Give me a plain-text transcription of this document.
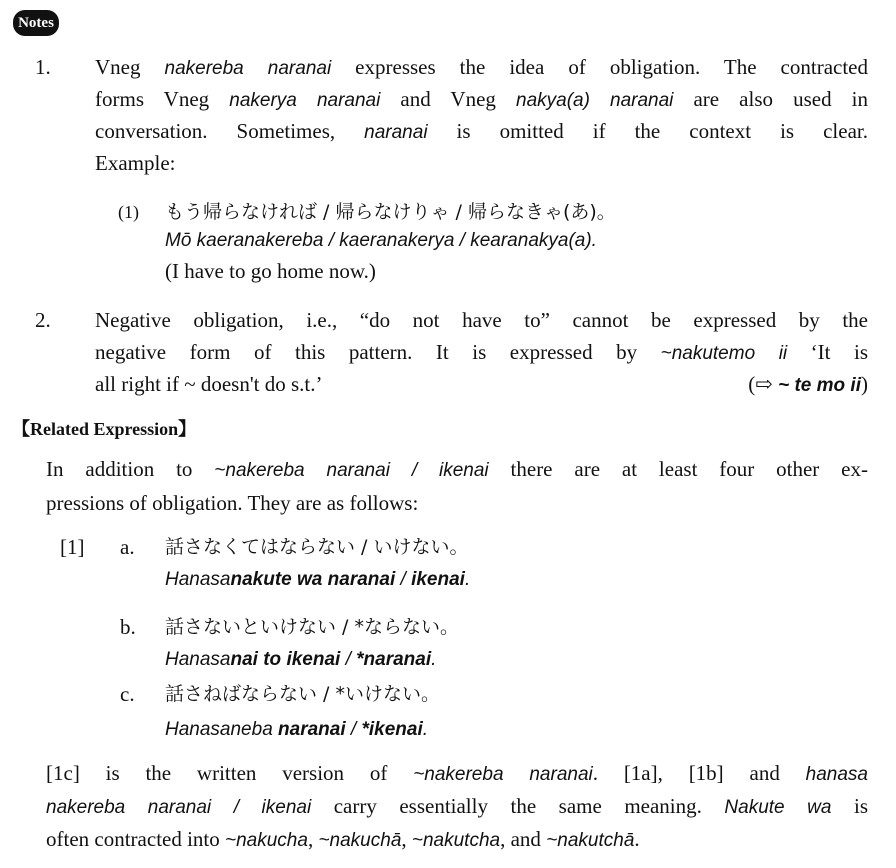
Notes
1. Vneg nakereba naranai expresses the idea of obligation. The contracted
forms Vneg nakerya naranai and Vneg nakya(a) naranai are also used in
conversation. Sometimes, naranai is omitted if the context is clear.
Example:
(1) もう帰らなければ / 帰らなけりゃ / 帰らなきゃ(あ)。
Mō kaeranakereba / kaeranakerya / kearanakya(a).
(I have to go home now.)
2. Negative obligation, i.e., “do not have to” cannot be expressed by the
negative form of this pattern. It is expressed by ~nakutemo ii ‘It is
all right if ~ doesn't do s.t.’	(⇨ ~ te mo ii)
【Related Expression】
In addition to ~nakereba naranai / ikenai there are at least four other ex-
pressions of obligation. They are as follows:
[1] a. 話さなくてはならない / いけない。
Hanasanakute wa naranai / ikenai.
b. 話さないといけない / *ならない。
Hanasanai to ikenai / *naranai.
c. 話さねばならない / *いけない。
Hanasaneba naranai / *ikenai.
[1c] is the written version of ~nakereba naranai. [1a], [1b] and hanasa
nakereba naranai / ikenai carry essentially the same meaning. Nakute wa is
often contracted into ~nakucha, ~nakuchā, ~nakutcha, and ~nakutchā.
